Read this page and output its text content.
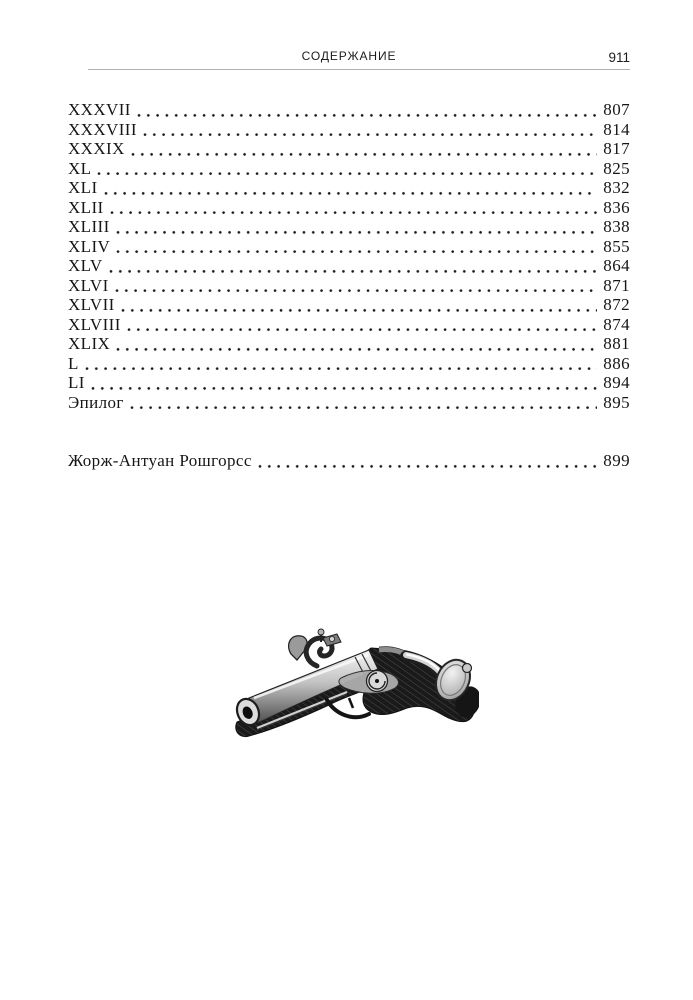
СОДЕРЖАНИЕ	911
XXXVII	807
XXXVIII	814
XXXIX	817
XL	825
XLI	832
XLII	836
XLIII	838
XLIV	855
XLV	864
XLVI	871
XLVII	872
XLVIII	874
XLIX	881
L	886
LI	894
Эпилог	895
Жорж-Антуан Рошгорсс	899
